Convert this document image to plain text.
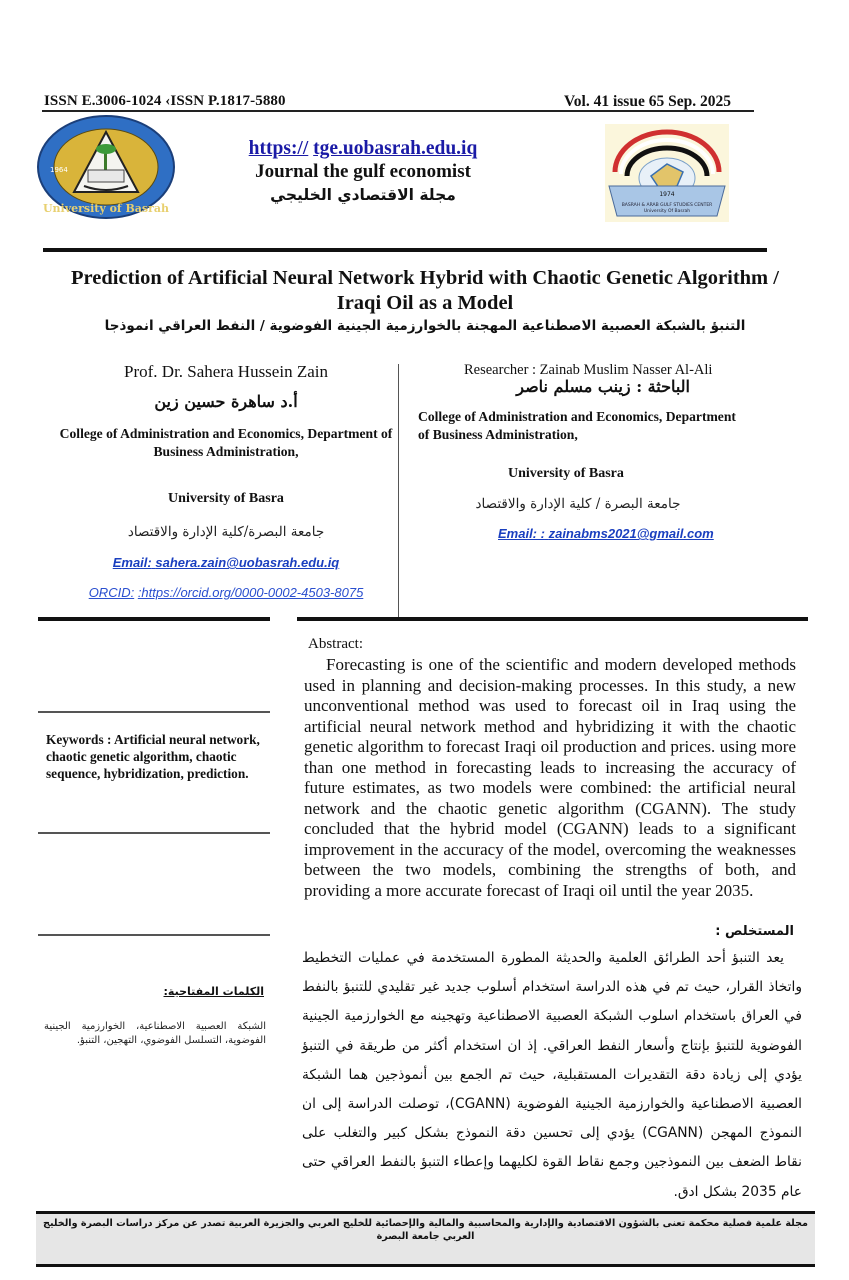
ISSN E.3006-1024 ‹ISSN P.1817-5880	Vol. 41 issue 65 Sep. 2025
University of Basrah
1964
https:// tge.uobasrah.edu.iq
Journal the gulf economist
مجلة الاقتصادي الخليجي	1974
BASRAH & ARAB GULF STUDIES CENTER
University Of Basrah
Prediction of Artificial Neural Network Hybrid with Chaotic Genetic Algorithm / Iraqi Oil as a Model
التنبؤ بالشبكة العصبية الاصطناعية المهجنة بالخوارزمية الجينية الفوضوية / النفط العراقي انموذجا
Prof. Dr. Sahera Hussein Zain
أ.د ساهرة حسين زين
College of Administration and Economics, Department of Business Administration,
University of Basra
جامعة البصرة/كلية الإدارة والاقتصاد
Email: sahera.zain@uobasrah.edu.iq
ORCID: :https://orcid.org/0000-0002-4503-8075
Researcher : Zainab Muslim Nasser Al-Ali
الباحثة : زينب مسلم ناصر
College of Administration and Economics, Department of Business Administration,
University of Basra
جامعة البصرة / كلية الإدارة والاقتصاد
Email: : zainabms2021@gmail.com
Keywords : Artificial neural network, chaotic genetic algorithm, chaotic sequence, hybridization, prediction.
الكلمات المفتاحية:
الشبكة العصبية الاصطناعية، الخوارزمية الجينية الفوضوية، التسلسل الفوضوي، التهجين، التنبؤ.
Abstract:

Forecasting is one of the scientific and modern developed methods used in planning and decision-making processes. In this study, a new unconventional method was used to forecast oil in Iraq using the artificial neural network method and hybridizing it with the chaotic genetic algorithm to forecast Iraqi oil production and prices. using more than one method in forecasting leads to increasing the accuracy of future estimates, as two models were combined: the artificial neural network and the chaotic genetic algorithm (CGANN). The study concluded that the hybrid model (CGANN) leads to a significant improvement in the accuracy of the model, overcoming the weaknesses between the two models, combining the strengths of both, and providing a more accurate forecast of Iraqi oil until the year 2035.

المستخلص :

يعد التنبؤ أحد الطرائق العلمية والحديثة المطورة المستخدمة في عمليات التخطيط واتخاذ القرار، حيث تم في هذه الدراسة استخدام أسلوب جديد غير تقليدي للتنبؤ بالنفط في العراق باستخدام اسلوب الشبكة العصبية الاصطناعية وتهجينه مع الخوارزمية الجينية الفوضوية للتنبؤ بإنتاج وأسعار النفط العراقي. إذ ان استخدام أكثر من طريقة في التنبؤ يؤدي إلى زيادة دقة التقديرات المستقبلية، حيث تم الجمع بين أنموذجين هما الشبكة العصبية الاصطناعية والخوارزمية الجينية الفوضوية (CGANN)، توصلت الدراسة إلى ان النموذج المهجن (CGANN) يؤدي إلى تحسين دقة النموذج بشكل كبير والتغلب على نقاط الضعف بين النموذجين وجمع نقاط القوة لكليهما وإعطاء التنبؤ بالنفط العراقي حتى عام 2035 بشكل ادق.

مجلة علمية فصلية محكمة تعنى بالشؤون الاقتصادية والإدارية والمحاسبية والمالية والإحصائية للخليج العربي والجزيرة العربية تصدر عن مركز دراسات البصرة والخليج العربي جامعة البصرة
